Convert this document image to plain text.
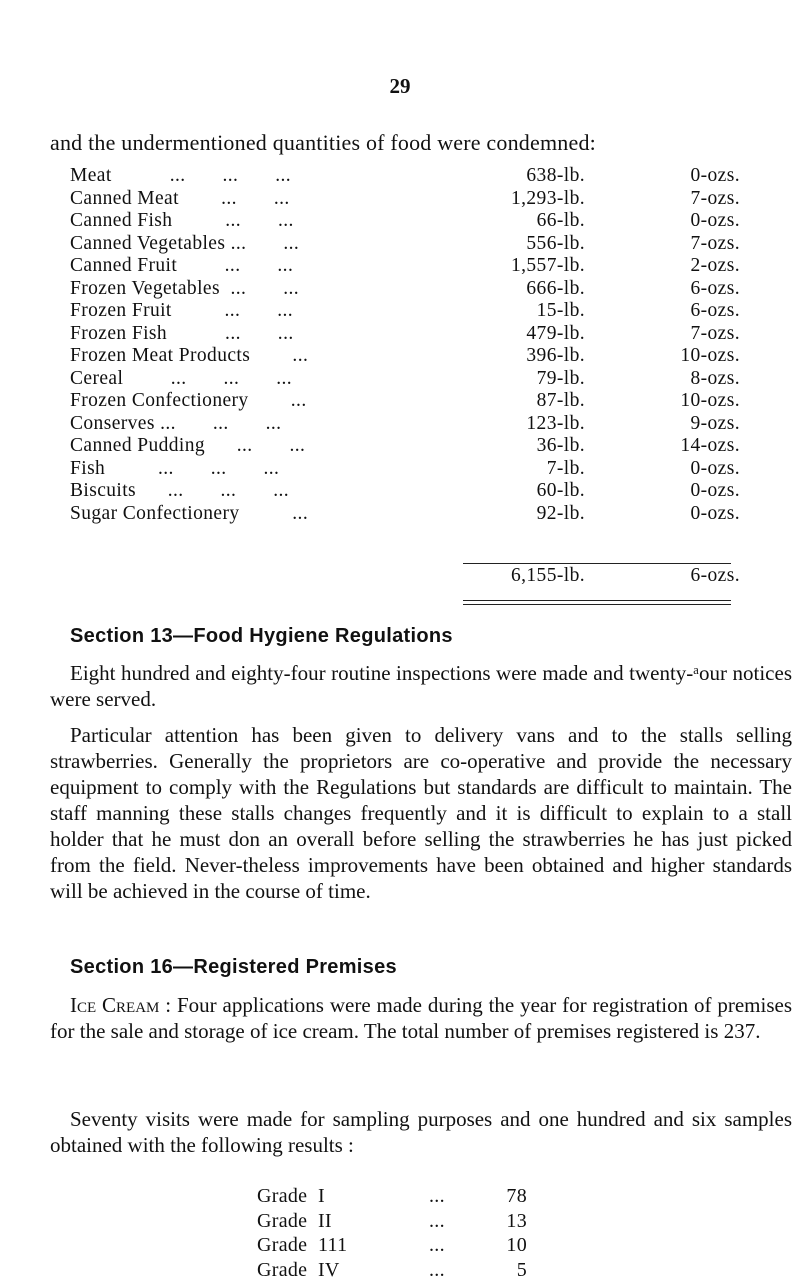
29
and the undermentioned quantities of food were condemned:
Meat           ...       ...       ...	638-lb.	0-ozs.
Canned Meat        ...       ...	1,293-lb.	7-ozs.
Canned Fish          ...       ...	66-lb.	0-ozs.
Canned Vegetables ...       ...	556-lb.	7-ozs.
Canned Fruit         ...       ...	1,557-lb.	2-ozs.
Frozen Vegetables  ...       ...	666-lb.	6-ozs.
Frozen Fruit          ...       ...	15-lb.	6-ozs.
Frozen Fish           ...       ...	479-lb.	7-ozs.
Frozen Meat Products        ...	396-lb.	10-ozs.
Cereal         ...       ...       ...	79-lb.	8-ozs.
Frozen Confectionery        ...	87-lb.	10-ozs.
Conserves ...       ...       ...	123-lb.	9-ozs.
Canned Pudding      ...       ...	36-lb.	14-ozs.
Fish          ...       ...       ...	7-lb.	0-ozs.
Biscuits      ...       ...       ...	60-lb.	0-ozs.
Sugar Confectionery          ...	92-lb.	0-ozs.
6,155-lb.	6-ozs.
Section 13—Food Hygiene Regulations

Eight hundred and eighty-four routine inspections were made and twenty-ᵃour notices were served.

Particular attention has been given to delivery vans and to the stalls selling strawberries. Generally the proprietors are co-operative and provide the necessary equipment to comply with the Regulations but standards are difficult to maintain. The staff manning these stalls changes frequently and it is difficult to explain to a stall holder that he must don an overall before selling the strawberries he has just picked from the field. Never-theless improvements have been obtained and higher standards will be achieved in the course of time.

Section 16—Registered Premises

Ice Cream : Four applications were made during the year for registration of premises for the sale and storage of ice cream. The total number of premises registered is 237.

Seventy visits were made for sampling purposes and one hundred and six samples obtained with the following results :

Grade  I	...	78
Grade  II	...	13
Grade  111	...	10
Grade  IV	...	5
